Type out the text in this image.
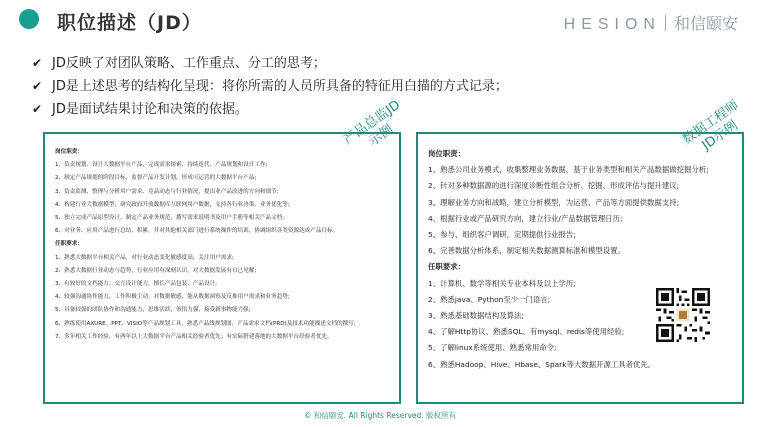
职位描述（JD）	HESION 和信颐安
✔ JD反映了对团队策略、工作重点、分工的思考；
✔ JD是上述思考的结构化呈现：将你所需的人员所具备的特征用白描的方式记录；
✔ JD是面试结果讨论和决策的依据。

岗位职责：

1、负责规划、设计大数据平台产品，完成需求探索、持续迭代、产品规划和设计工作;

2、制定产品规划的阶段目标，监督产品开发计划，形成可运营的大数据平台产品;

3、负责监测、整理与分析用户需求、竞品动态与行业情况，提出业产品改进的方向和细节;

4、构建行业大数据模型，研究政府开放数据库互联网用户数据，支持各行业决策、业务优化等;

5、独立完成产品原型设计，制定产品业务规范，撰写需求说明书及用户手册等相关产品文档;

6、对业务、应用产品进行总结、积累，并对其他相关部门进行系统操作的培训，协调组织各类资源达成产品目标。

任职要求：

1、熟悉大数据平台相关产品，对行业动态变化敏感度高，关注用户需求;

2、熟悉大数据行业动态与趋势，行业应用有深刻认识，对大数据发展有自己见解;

3、有较好的文档能力、交互设计能力，擅长产品包装、产品设计;

4、较强沟通协作能力，工作积极主动，对数据敏感，能从数据洞察及反推用户需求和业务趋势;

5、具备较强的团队协作和沟通能力，思维活跃，领悟力强，接受新事物能力强;

6、熟练使用AXURE、PPT、VISIO等产品规划工具，熟悉产品线规划图、产品需求文档(PRD)及技术功能描述文档的撰写;

7、多年相关工作经验，有两年以上大数据平台产品相关经验者优先；有实际搭建落地的大数据平台经验者优先。

产品总监JD示例

岗位职责：

1、熟悉公司业务模式，收集整理业务数据，基于业务类型和相关产品数据做挖掘分析;

2、针对多种数据源的进行深度诊断性组合分析、挖掘、形成评估与提升建议;

3、理解业务方向和战略，建立分析模型，为运营、产品等方面提供数据支持;

4、根据行业或产品研究方向，建立行业/产品数据管理日历;

5、参与、组织客户调研，定期提供行业报告;

6、完善数据分析体系，制定相关数据测算标准和模型设置。

任职要求：

1、计算机、数学等相关专业本科及以上学历;

2、熟悉java、Python至少一门语言;

3、熟悉基础数据结构及算法;

4、了解Http协议、熟悉SQL、有mysql、redis等使用经验;

5、了解linux系统使用、熟悉常用命令;

6、熟悉Hadoop、Hive、Hbase、Spark等大数据开源工具者优先。

数据工程师JD示例
© 和信颐安. All Rights Reserved. 版权所有
